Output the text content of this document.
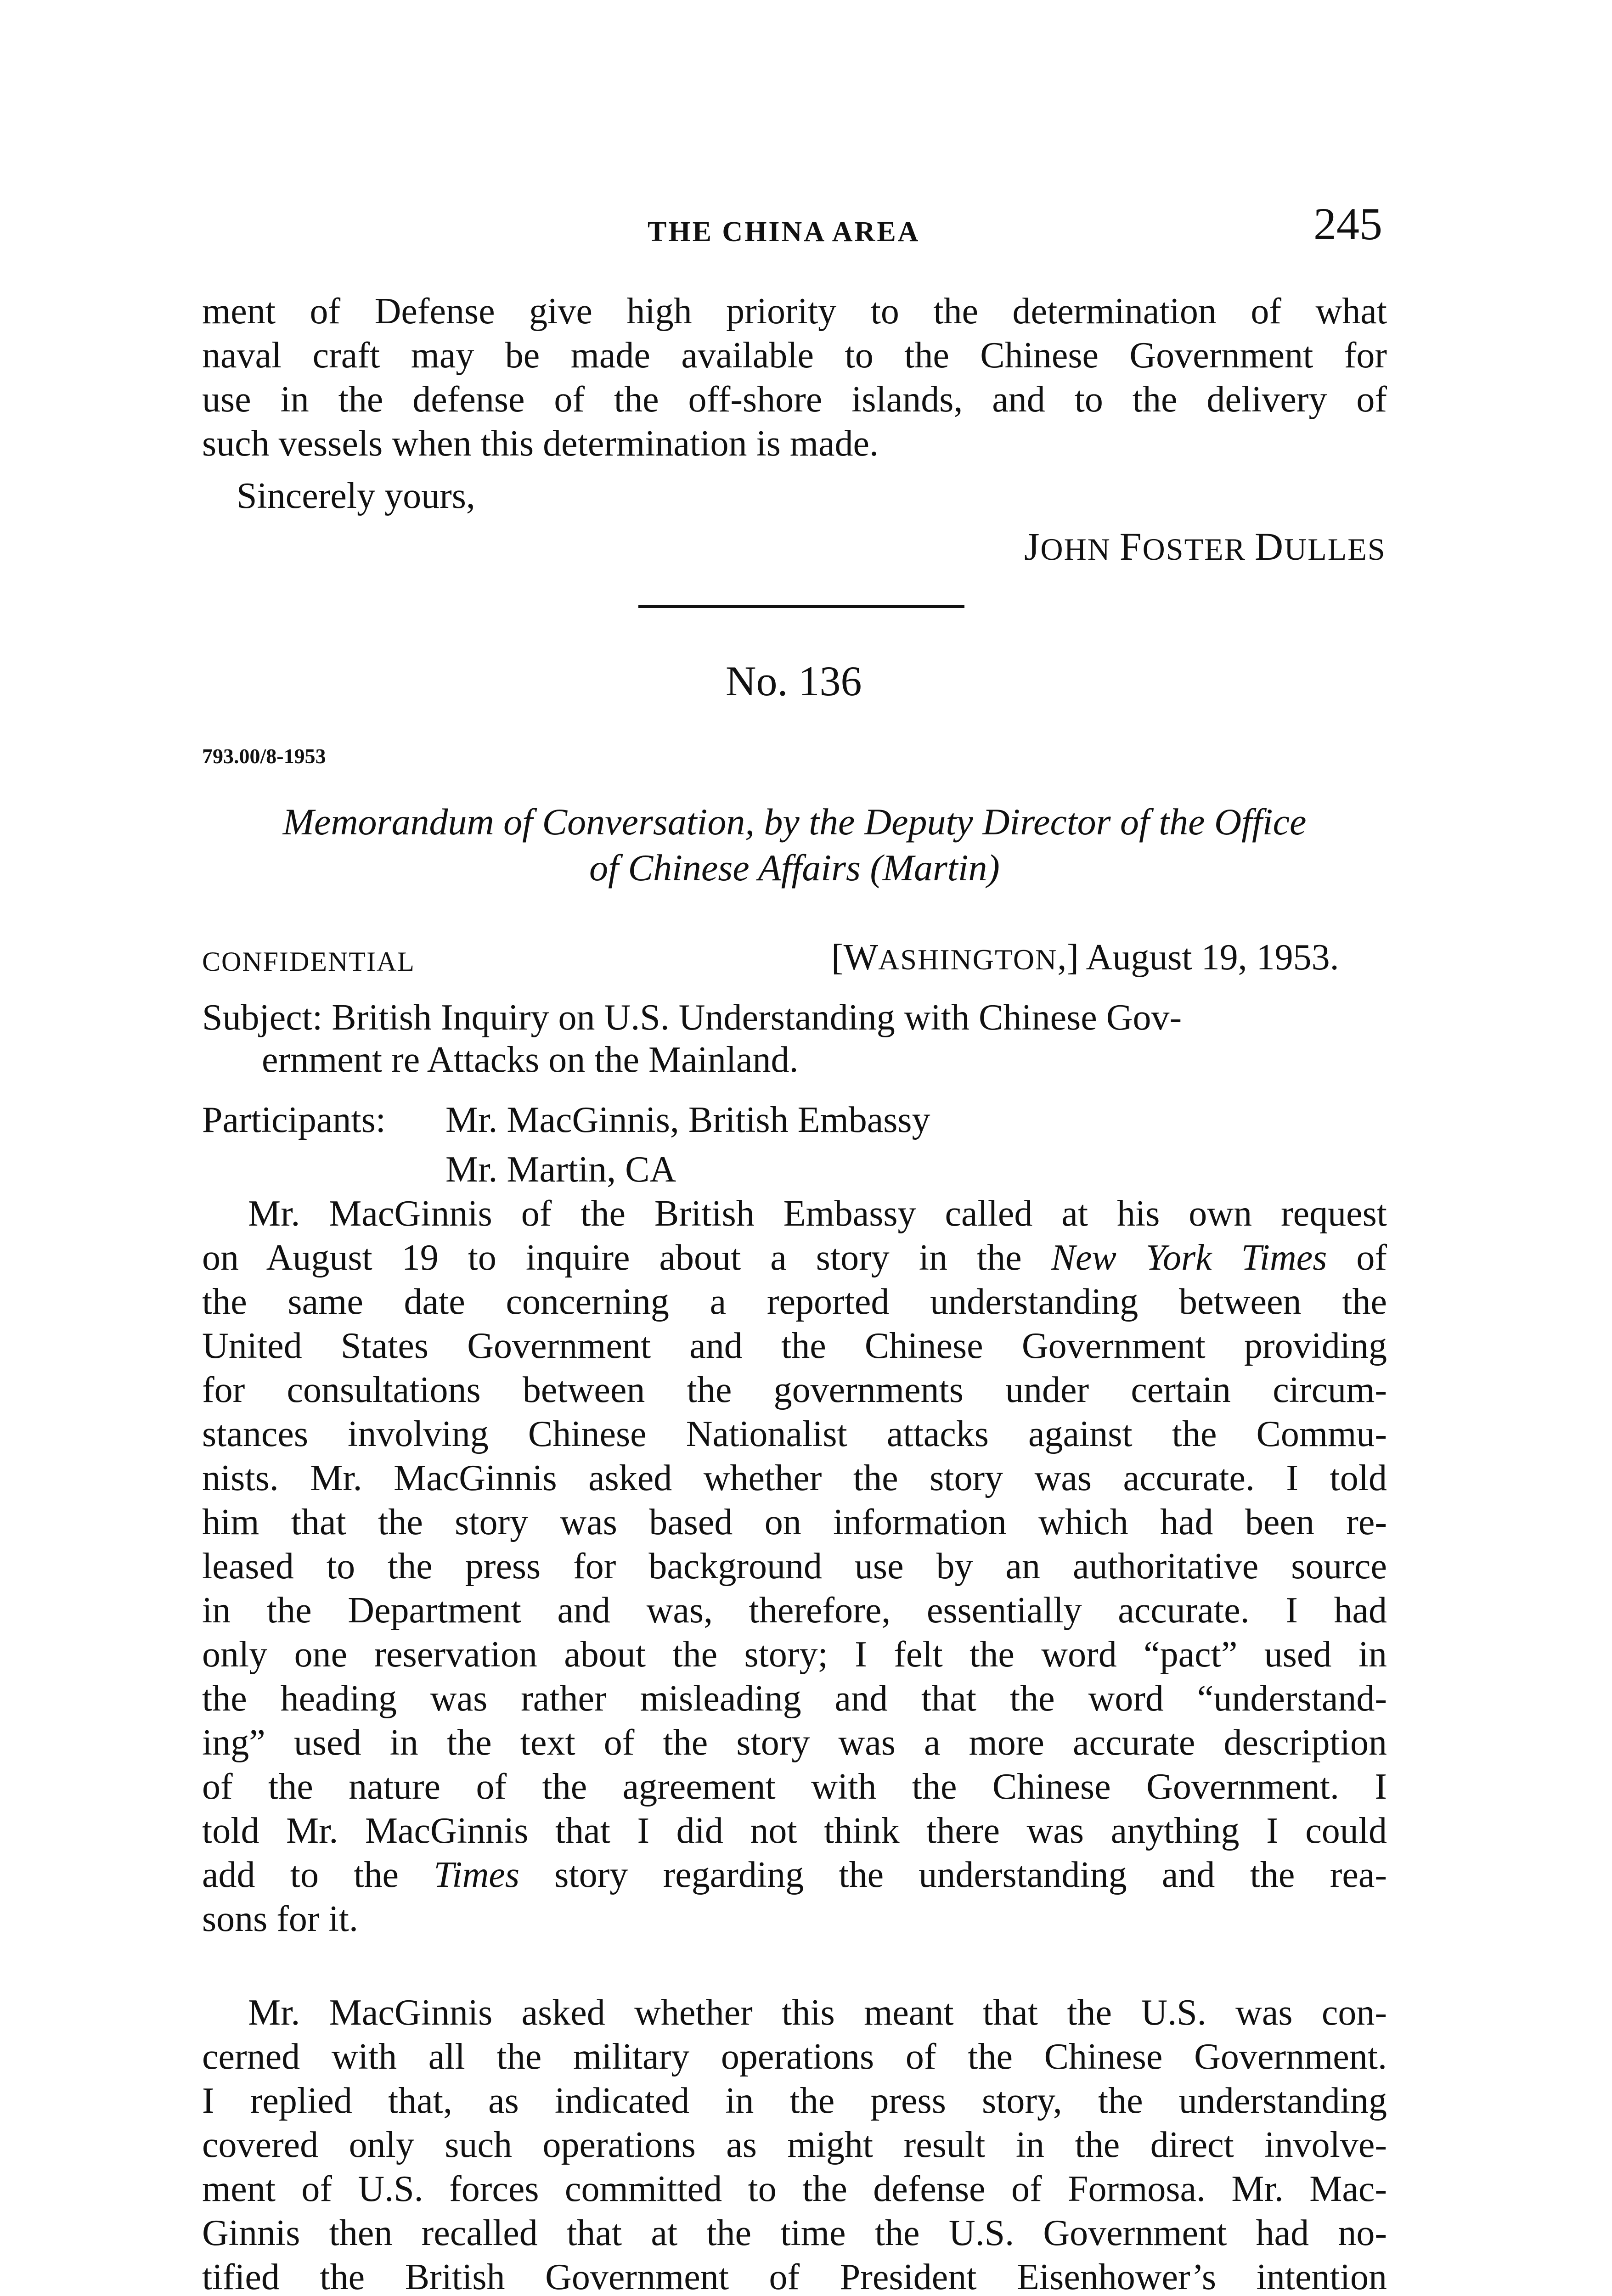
THE CHINA AREA	245
ment of Defense give high priority to the determination of what
naval craft may be made available to the Chinese Government for
use in the defense of the off-shore islands, and to the delivery of
such vessels when this determination is made.
Sincerely yours,
JOHN FOSTER DULLES
No. 136
793.00/8-1953
Memorandum of Conversation, by the Deputy Director of the Office
of Chinese Affairs (Martin)
CONFIDENTIAL	[WASHINGTON,] August 19, 1953.
Subject: British Inquiry on U.S. Understanding with Chinese Gov-
ernment re Attacks on the Mainland.
Participants: Mr. MacGinnis, British Embassy
Mr. Martin, CA
Mr. MacGinnis of the British Embassy called at his own request
on August 19 to inquire about a story in the New York Times of
the same date concerning a reported understanding between the
United States Government and the Chinese Government providing
for consultations between the governments under certain circum-
stances involving Chinese Nationalist attacks against the Commu-
nists. Mr. MacGinnis asked whether the story was accurate. I told
him that the story was based on information which had been re-
leased to the press for background use by an authoritative source
in the Department and was, therefore, essentially accurate. I had
only one reservation about the story; I felt the word “pact” used in
the heading was rather misleading and that the word “understand-
ing” used in the text of the story was a more accurate description
of the nature of the agreement with the Chinese Government. I
told Mr. MacGinnis that I did not think there was anything I could
add to the Times story regarding the understanding and the rea-
sons for it.
Mr. MacGinnis asked whether this meant that the U.S. was con-
cerned with all the military operations of the Chinese Government.
I replied that, as indicated in the press story, the understanding
covered only such operations as might result in the direct involve-
ment of U.S. forces committed to the defense of Formosa. Mr. Mac-
Ginnis then recalled that at the time the U.S. Government had no-
tified the British Government of President Eisenhower’s intention
